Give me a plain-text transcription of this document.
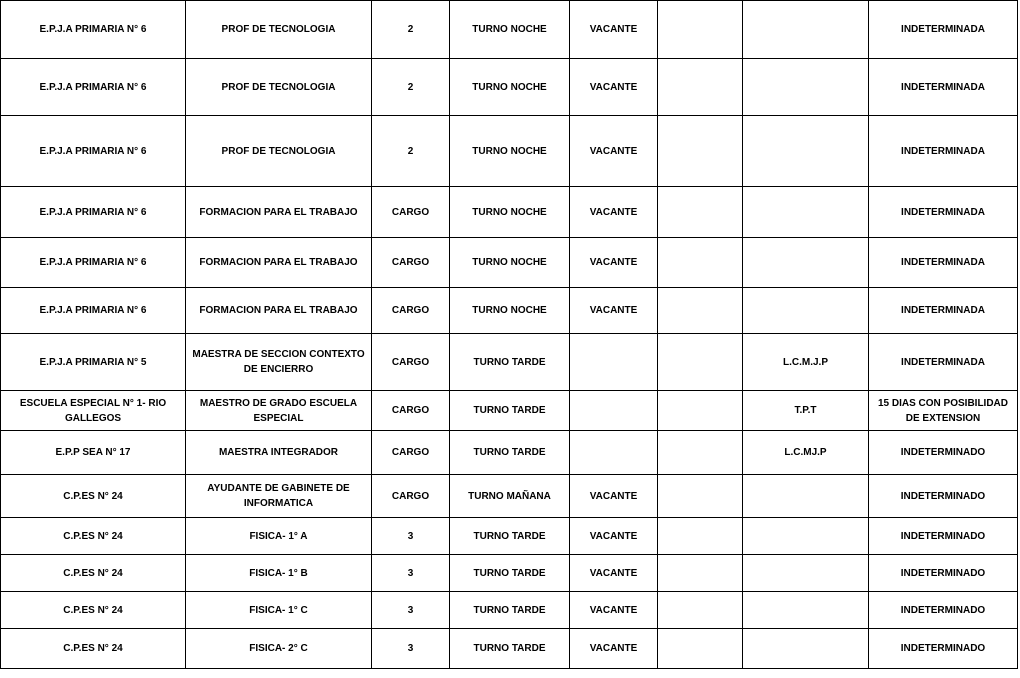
E.P.J.A PRIMARIA N° 6	PROF DE TECNOLOGIA	2	TURNO NOCHE	VACANTE			INDETERMINADA
E.P.J.A PRIMARIA N° 6	PROF DE TECNOLOGIA	2	TURNO NOCHE	VACANTE			INDETERMINADA
E.P.J.A PRIMARIA N° 6	PROF DE TECNOLOGIA	2	TURNO NOCHE	VACANTE			INDETERMINADA
E.P.J.A PRIMARIA N° 6	FORMACION PARA EL TRABAJO	CARGO	TURNO NOCHE	VACANTE			INDETERMINADA
E.P.J.A PRIMARIA N° 6	FORMACION PARA EL TRABAJO	CARGO	TURNO NOCHE	VACANTE			INDETERMINADA
E.P.J.A PRIMARIA N° 6	FORMACION PARA EL TRABAJO	CARGO	TURNO NOCHE	VACANTE			INDETERMINADA
E.P.J.A PRIMARIA N° 5	MAESTRA DE SECCION CONTEXTO DE ENCIERRO	CARGO	TURNO TARDE			L.C.M.J.P	INDETERMINADA
ESCUELA ESPECIAL N° 1- RIO GALLEGOS	MAESTRO DE GRADO ESCUELA ESPECIAL	CARGO	TURNO TARDE			T.P.T	15 DIAS CON POSIBILIDAD DE EXTENSION
E.P.P SEA N° 17	MAESTRA INTEGRADOR	CARGO	TURNO TARDE			L.C.MJ.P	INDETERMINADO
C.P.ES N° 24	AYUDANTE DE GABINETE DE INFORMATICA	CARGO	TURNO MAÑANA	VACANTE			INDETERMINADO
C.P.ES N° 24	FISICA- 1° A	3	TURNO TARDE	VACANTE			INDETERMINADO
C.P.ES N° 24	FISICA- 1° B	3	TURNO TARDE	VACANTE			INDETERMINADO
C.P.ES N° 24	FISICA- 1° C	3	TURNO TARDE	VACANTE			INDETERMINADO
C.P.ES N° 24	FISICA- 2° C	3	TURNO TARDE	VACANTE			INDETERMINADO
